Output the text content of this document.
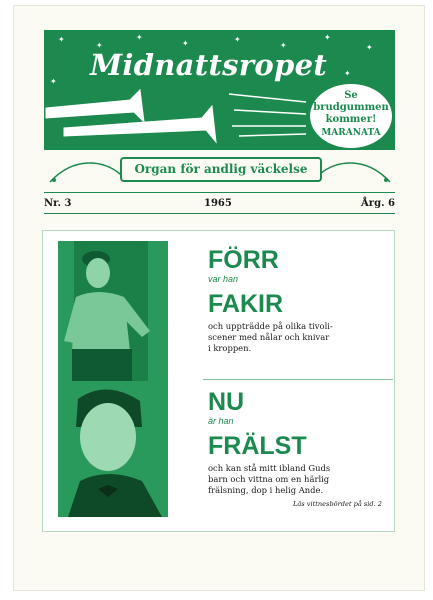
✦
✦
✦
✦	✦
✦
✦
✦
✦
✦
Midnattsropet
Se
brudgummen
kommer!
MARANATA
Organ för andlig väckelse
Nr. 3	1965	Årg. 6
FÖRR
var han
FAKIR
och uppträdde på olika tivoli-
scener med nålar och knivar
i kroppen.
NU
är han
FRÄLST
och kan stå mitt ibland Guds
barn och vittna om en härlig
frälsning, dop i helig Ande.
Läs vittnesbördet på sid. 2
